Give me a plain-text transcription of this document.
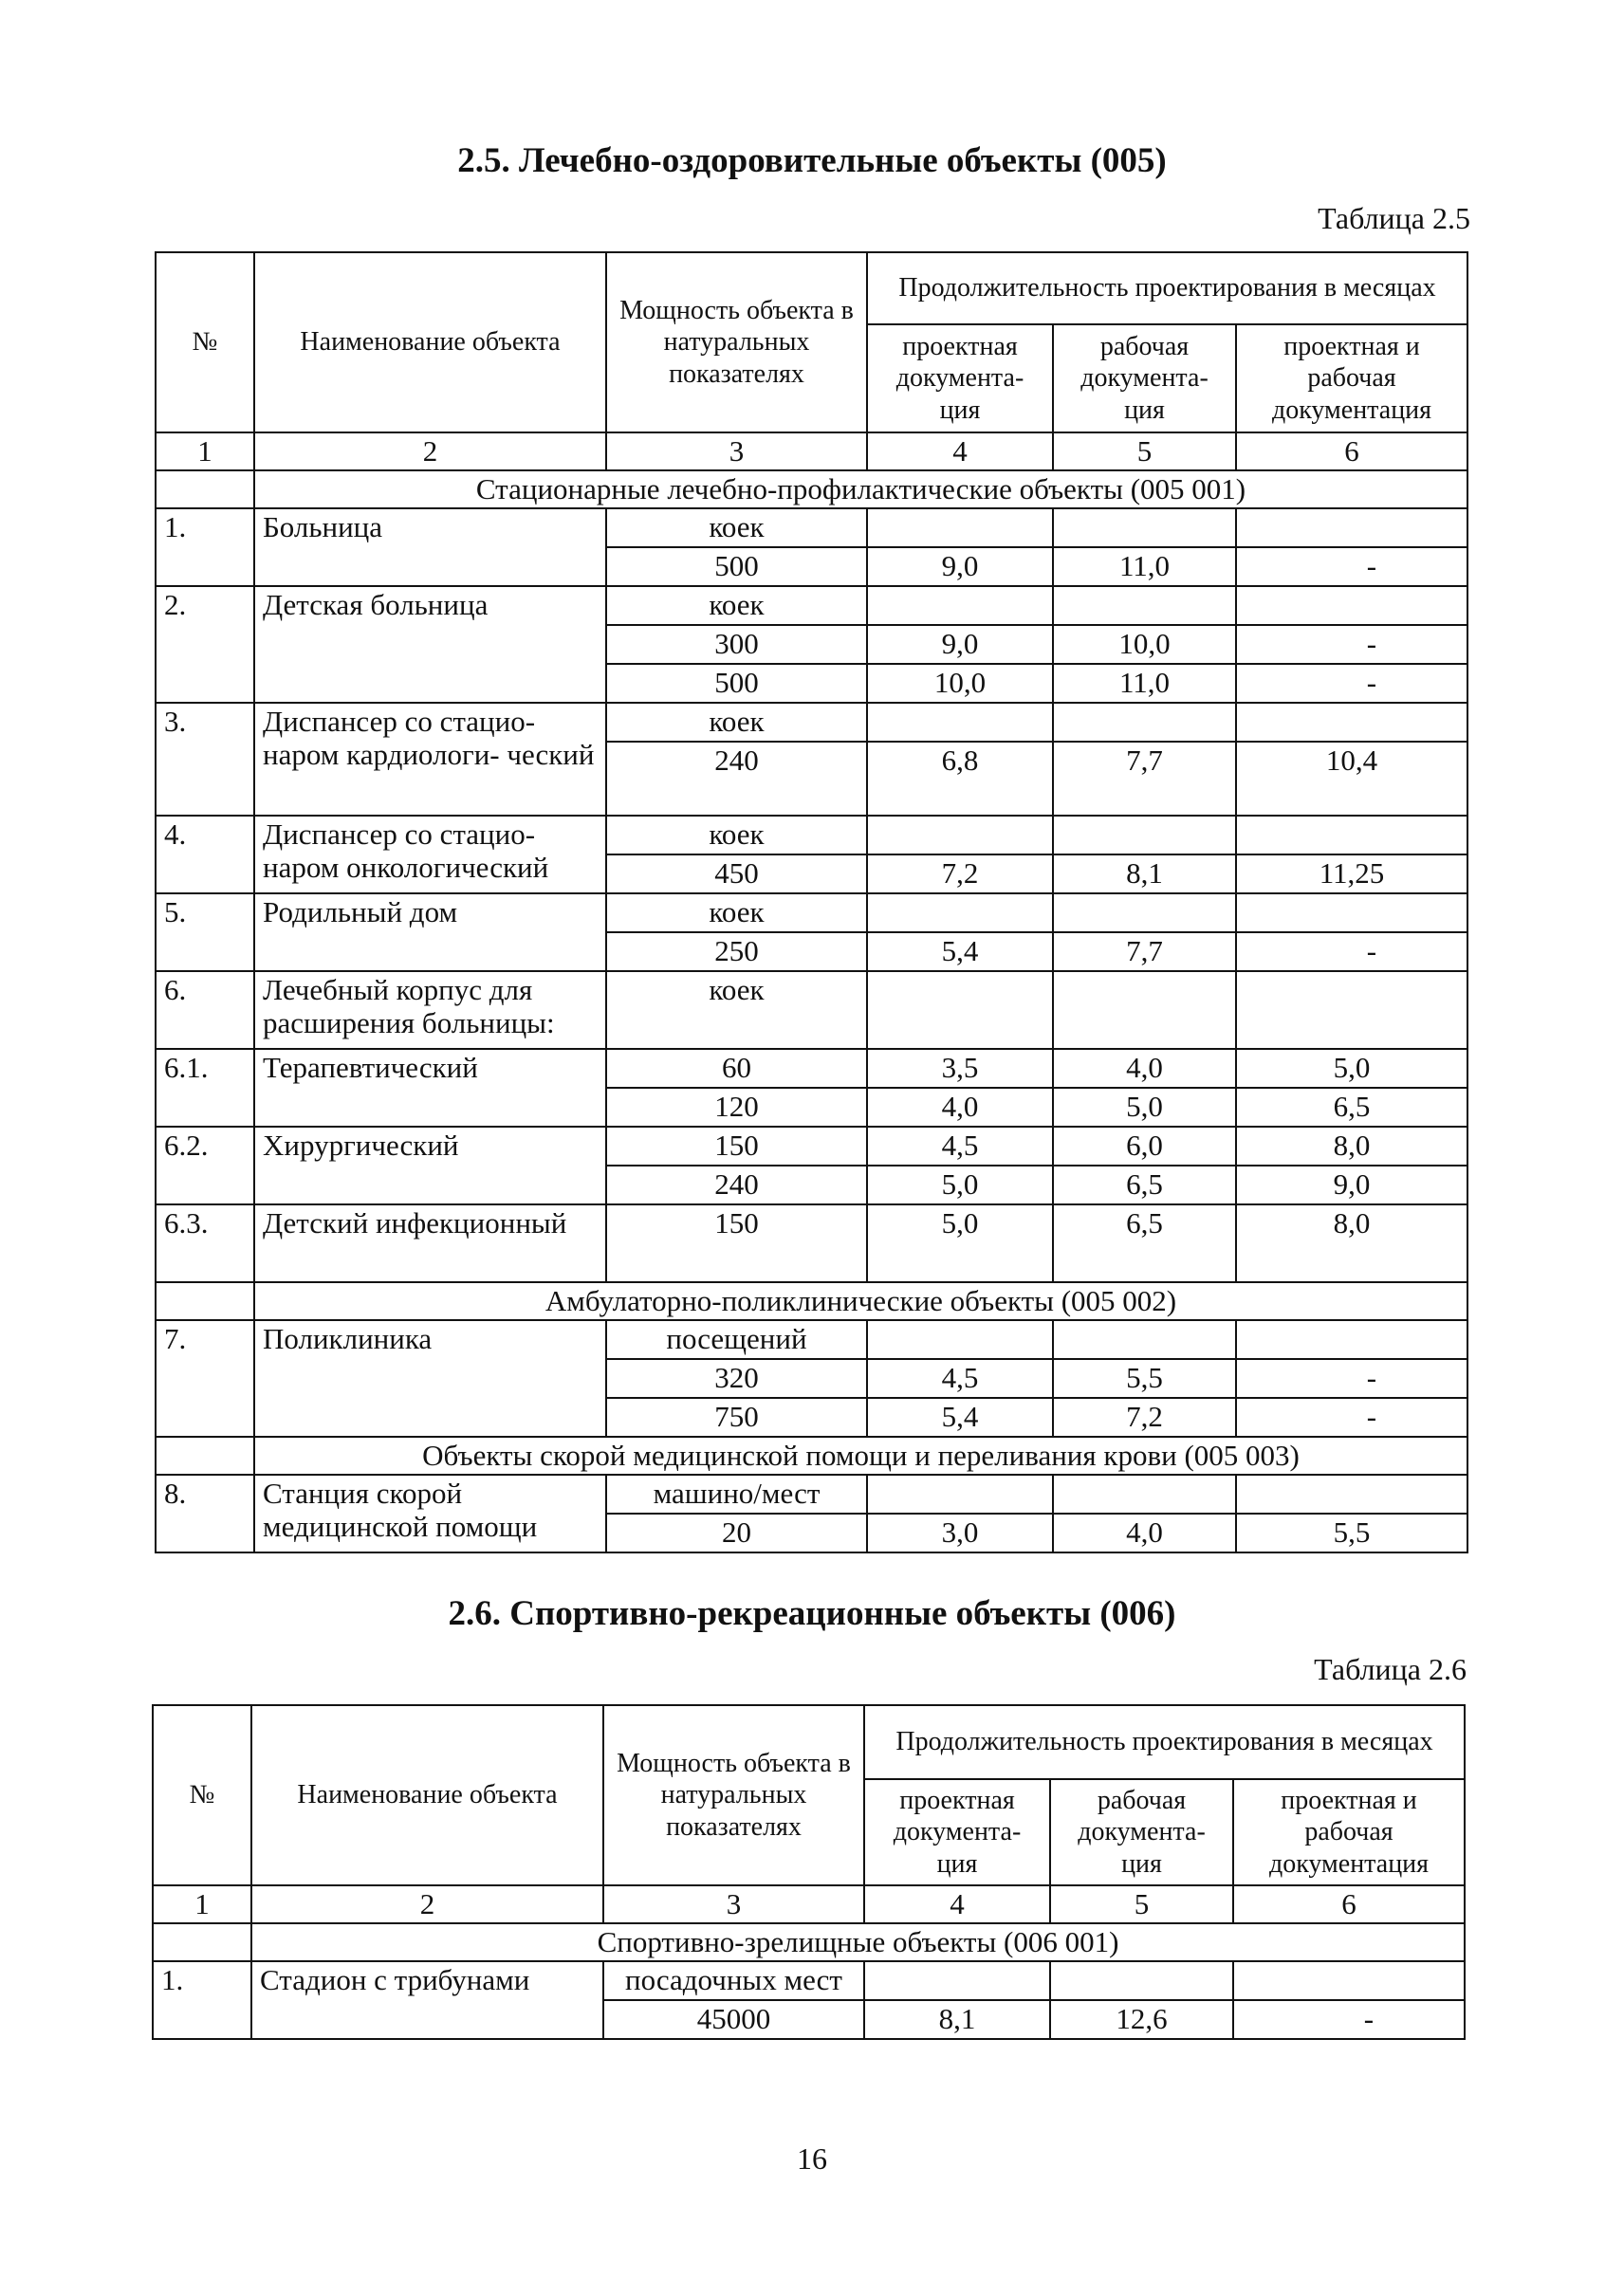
2.5. Лечебно-оздоровительные объекты (005)
Таблица 2.5
№	Наименование объекта	Мощность объекта в натуральных показателях	Продолжительность проектирования в месяцах		
			проектная документа- ция	рабочая документа- ция	проектная и рабочая документация
1	2	3	4	5	6
	Стационарные лечебно-профилактические объекты (005 001)				
1.	Больница	коек			
		500	9,0	11,0	-
2.	Детская больница	коек			
		300	9,0	10,0	-
		500	10,0	11,0	-
3.	Диспансер со стацио- наром кардиологи- ческий	коек			
		240	6,8	7,7	10,4
4.	Диспансер со стацио- наром онкологический	коек			
		450	7,2	8,1	11,25
5.	Родильный дом	коек			
		250	5,4	7,7	-
6.	Лечебный корпус для расширения больницы:	коек			
6.1.	Терапевтический	60	3,5	4,0	5,0
		120	4,0	5,0	6,5
6.2.	Хирургический	150	4,5	6,0	8,0
		240	5,0	6,5	9,0
6.3.	Детский инфекционный	150	5,0	6,5	8,0
	Амбулаторно-поликлинические объекты (005 002)				
7.	Поликлиника	посещений			
		320	4,5	5,5	-
		750	5,4	7,2	-
	Объекты скорой медицинской помощи и переливания крови (005 003)				
8.	Станция скорой медицинской помощи	машино/мест			
		20	3,0	4,0	5,5
2.6. Спортивно-рекреационные объекты (006)
Таблица 2.6
№	Наименование объекта	Мощность объекта в натуральных показателях	Продолжительность проектирования в месяцах		
			проектная документа- ция	рабочая документа- ция	проектная и рабочая документация
1	2	3	4	5	6
	Спортивно-зрелищные объекты (006 001)				
1.	Стадион с трибунами	посадочных мест			
		45000	8,1	12,6	-
16
